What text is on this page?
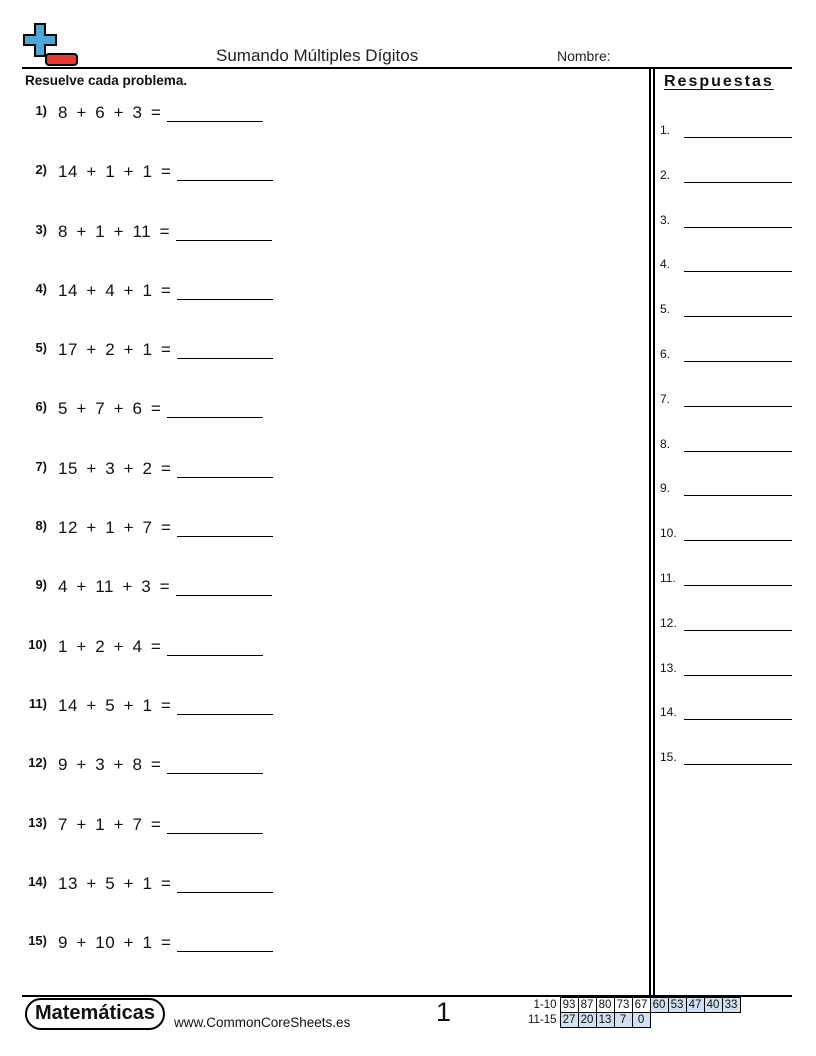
Sumando Múltiples Dígitos	Nombre:
Resuelve cada problema.	Respuestas
1) 8 + 6 + 3 =
2) 14 + 1 + 1 =
3) 8 + 1 + 11 =
4) 14 + 4 + 1 =
5) 17 + 2 + 1 =
6) 5 + 7 + 6 =
7) 15 + 3 + 2 =
8) 12 + 1 + 7 =
9) 4 + 11 + 3 =
10) 1 + 2 + 4 =
11) 14 + 5 + 1 =
12) 9 + 3 + 8 =
13) 7 + 1 + 7 =
14) 13 + 5 + 1 =
15) 9 + 10 + 1 =
1.
2.
3.
4.
5.
6.
7.
8.
9.
10.
11.
12.
13.
14.
15.
Matemáticas	www.CommonCoreSheets.es	1	1-10	93	87	80	73	67	60	53	47	40	33
11-15	27	20	13	7	0					
